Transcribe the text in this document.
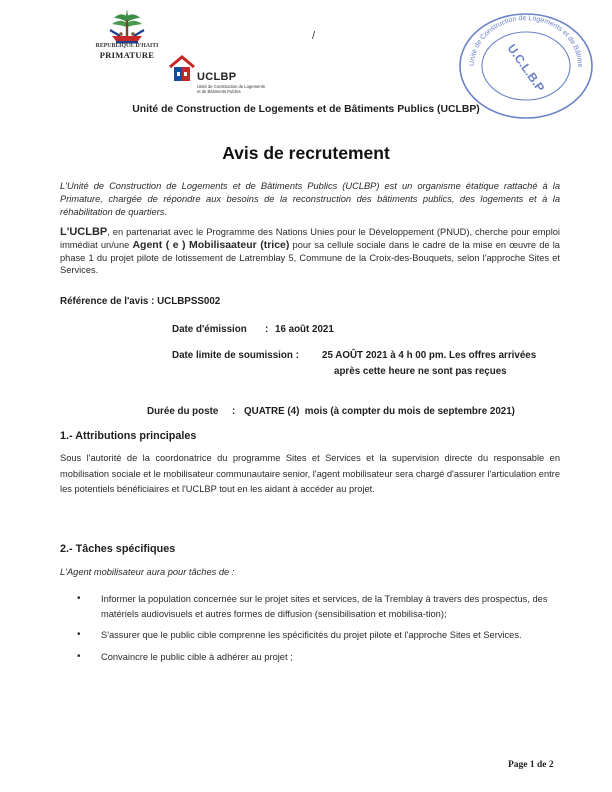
REPUBLIQUE D'HAITI
PRIMATURE
/
UCLBP
Unité de Construction de Logements
et de Bâtiments Publics
Unité de Construction de Logements et de Bâtime
U.C.L.B.P
Unité de Construction de Logements et de Bâtiments Publics (UCLBP)
Avis de recrutement
L'Unité de Construction de Logements et de Bâtiments Publics (UCLBP) est un organisme étatique rattaché à la Primature, chargée de répondre aux besoins de la reconstruction des bâtiments publics, des logements et à la réhabilitation de quartiers.
L'UCLBP, en partenariat avec le Programme des Nations Unies pour le Développement (PNUD), cherche pour emploi immédiat un/une Agent ( e ) Mobilisaateur (trice) pour sa cellule sociale dans le cadre de la mise en œuvre de la phase 1 du projet pilote de lotissement de Latremblay 5, Commune de la Croix-des-Bouquets, selon l'approche Sites et Services.
Référence de l'avis : UCLBPSS002
Date d'émission : 16 août 2021
Date limite de soumission : 25 AOÛT 2021 à 4 h 00 pm. Les offres arrivées
après cette heure ne sont pas reçues
Durée du poste : QUATRE (4)  mois (à compter du mois de septembre 2021)
1.- Attributions principales
Sous l'autorité de la coordonatrice du programme Sites et Services et la supervision directe du responsable en mobilisation sociale et le mobilisateur communautaire senior, l'agent mobilisateur sera chargé d'assurer l'articulation entre les potentiels bénéficiaires et l'UCLBP tout en les aidant à accéder au projet.
2.- Tâches spécifiques
L'Agent mobilisateur aura pour tâches de :
• Informer la population concernée sur le projet sites et services, de la Tremblay à travers des prospectus, des matériels audiovisuels et autres formes de diffusion (sensibilisation et mobilisa-tion);
• S'assurer que le public cible comprenne les spécificités du projet pilote et l'approche Sites et Services.
• Convaincre le public cible à adhérer au projet ;
Page 1 de 2
